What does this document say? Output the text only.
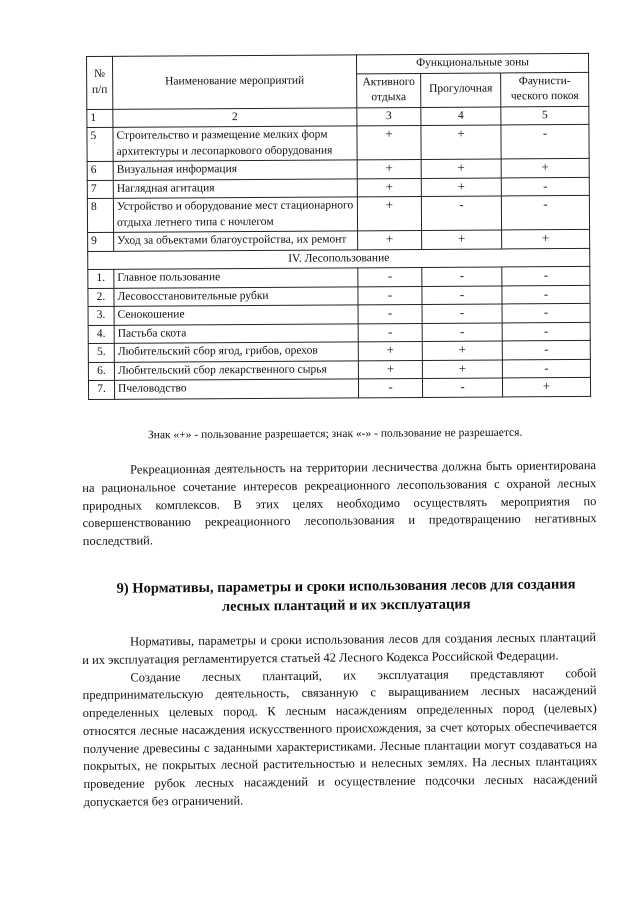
№ п/п	Наименование мероприятий	Функциональные зоны		
		Активного отдыха	Прогулочная	Фаунисти-ческого покоя
1	2	3	4	5
5	Строительство и размещение мелких форм архитектуры и лесопаркового оборудования	+	+	-
6	Визуальная информация	+	+	+
7	Наглядная агитация	+	+	-
8	Устройство и оборудование мест стационарного отдыха летнего типа с ночлегом	+	-	-
9	Уход за объектами благоустройства, их ремонт	+	+	+
IV. Лесопользование				
1.	Главное пользование	-	-	-
2.	Лесовосстановительные рубки	-	-	-
3.	Сенокошение	-	-	-
4.	Пастьба скота	-	-	-
5.	Любительский сбор ягод, грибов, орехов	+	+	-
6.	Любительский сбор лекарственного сырья	+	+	-
7.	Пчеловодство	-	-	+
Знак «+» - пользование разрешается; знак «-» - пользование не разрешается.

Рекреационная деятельность на территории лесничества должна быть ориентирована на рациональное сочетание интересов рекреационного лесопользования с охраной лесных природных комплексов. В этих целях необходимо осуществлять мероприятия по совершенствованию рекреационного лесопользования и предотвращению негативных последствий.

9) Нормативы, параметры и сроки использования лесов для создания лесных плантаций и их эксплуатация

Нормативы, параметры и сроки использования лесов для создания лесных плантаций и их эксплуатация регламентируется статьей 42 Лесного Кодекса Российской Федерации.

Создание лесных плантаций, их эксплуатация представляют собой предпринимательскую деятельность, связанную с выращиванием лесных насаждений определенных целевых пород. К лесным насаждениям определенных пород (целевых) относятся лесные насаждения искусственного происхождения, за счет которых обеспечивается получение древесины с заданными характеристиками. Лесные плантации могут создаваться на покрытых, не покрытых лесной растительностью и нелесных землях. На лесных плантациях проведение рубок лесных насаждений и осуществление подсочки лесных насаждений допускается без ограничений.
